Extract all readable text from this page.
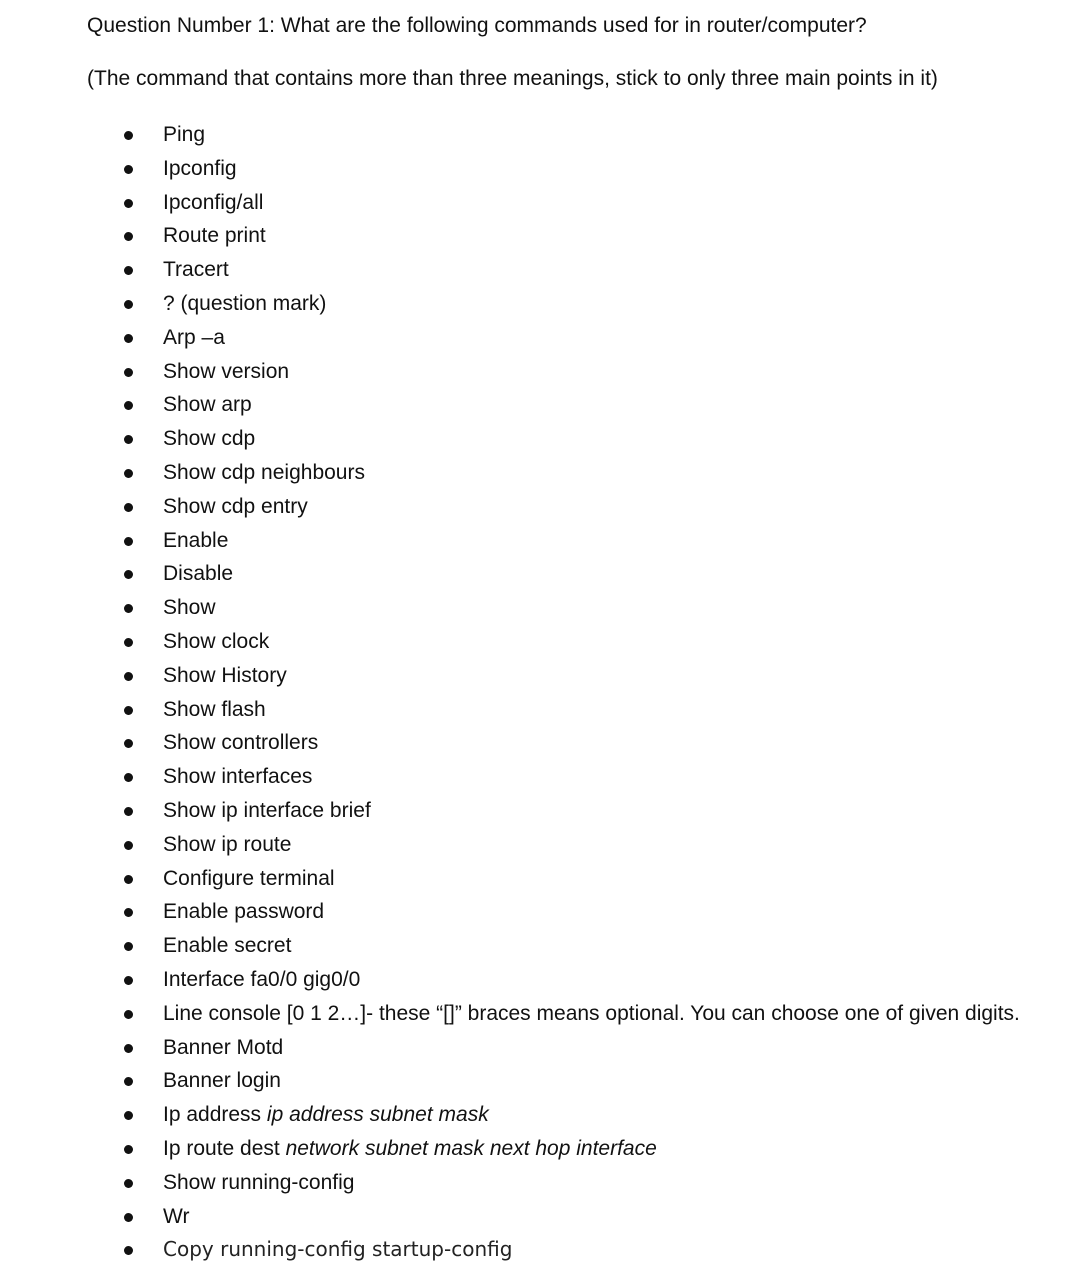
Question Number 1: What are the following commands used for in router/computer?
(The command that contains more than three meanings, stick to only three main points in it)
Ping
Ipconfig
Ipconfig/all
Route print
Tracert
? (question mark)
Arp –a
Show version
Show arp
Show cdp
Show cdp neighbours
Show cdp entry
Enable
Disable
Show
Show clock
Show History
Show flash
Show controllers
Show interfaces
Show ip interface brief
Show ip route
Configure terminal
Enable password
Enable secret
Interface fa0/0 gig0/0
Line console [0 1 2…]- these “[]” braces means optional. You can choose one of given digits.
Banner Motd
Banner login
Ip address ip address subnet mask
Ip route dest network subnet mask next hop interface
Show running-config
Wr
Copy running-config startup-config
